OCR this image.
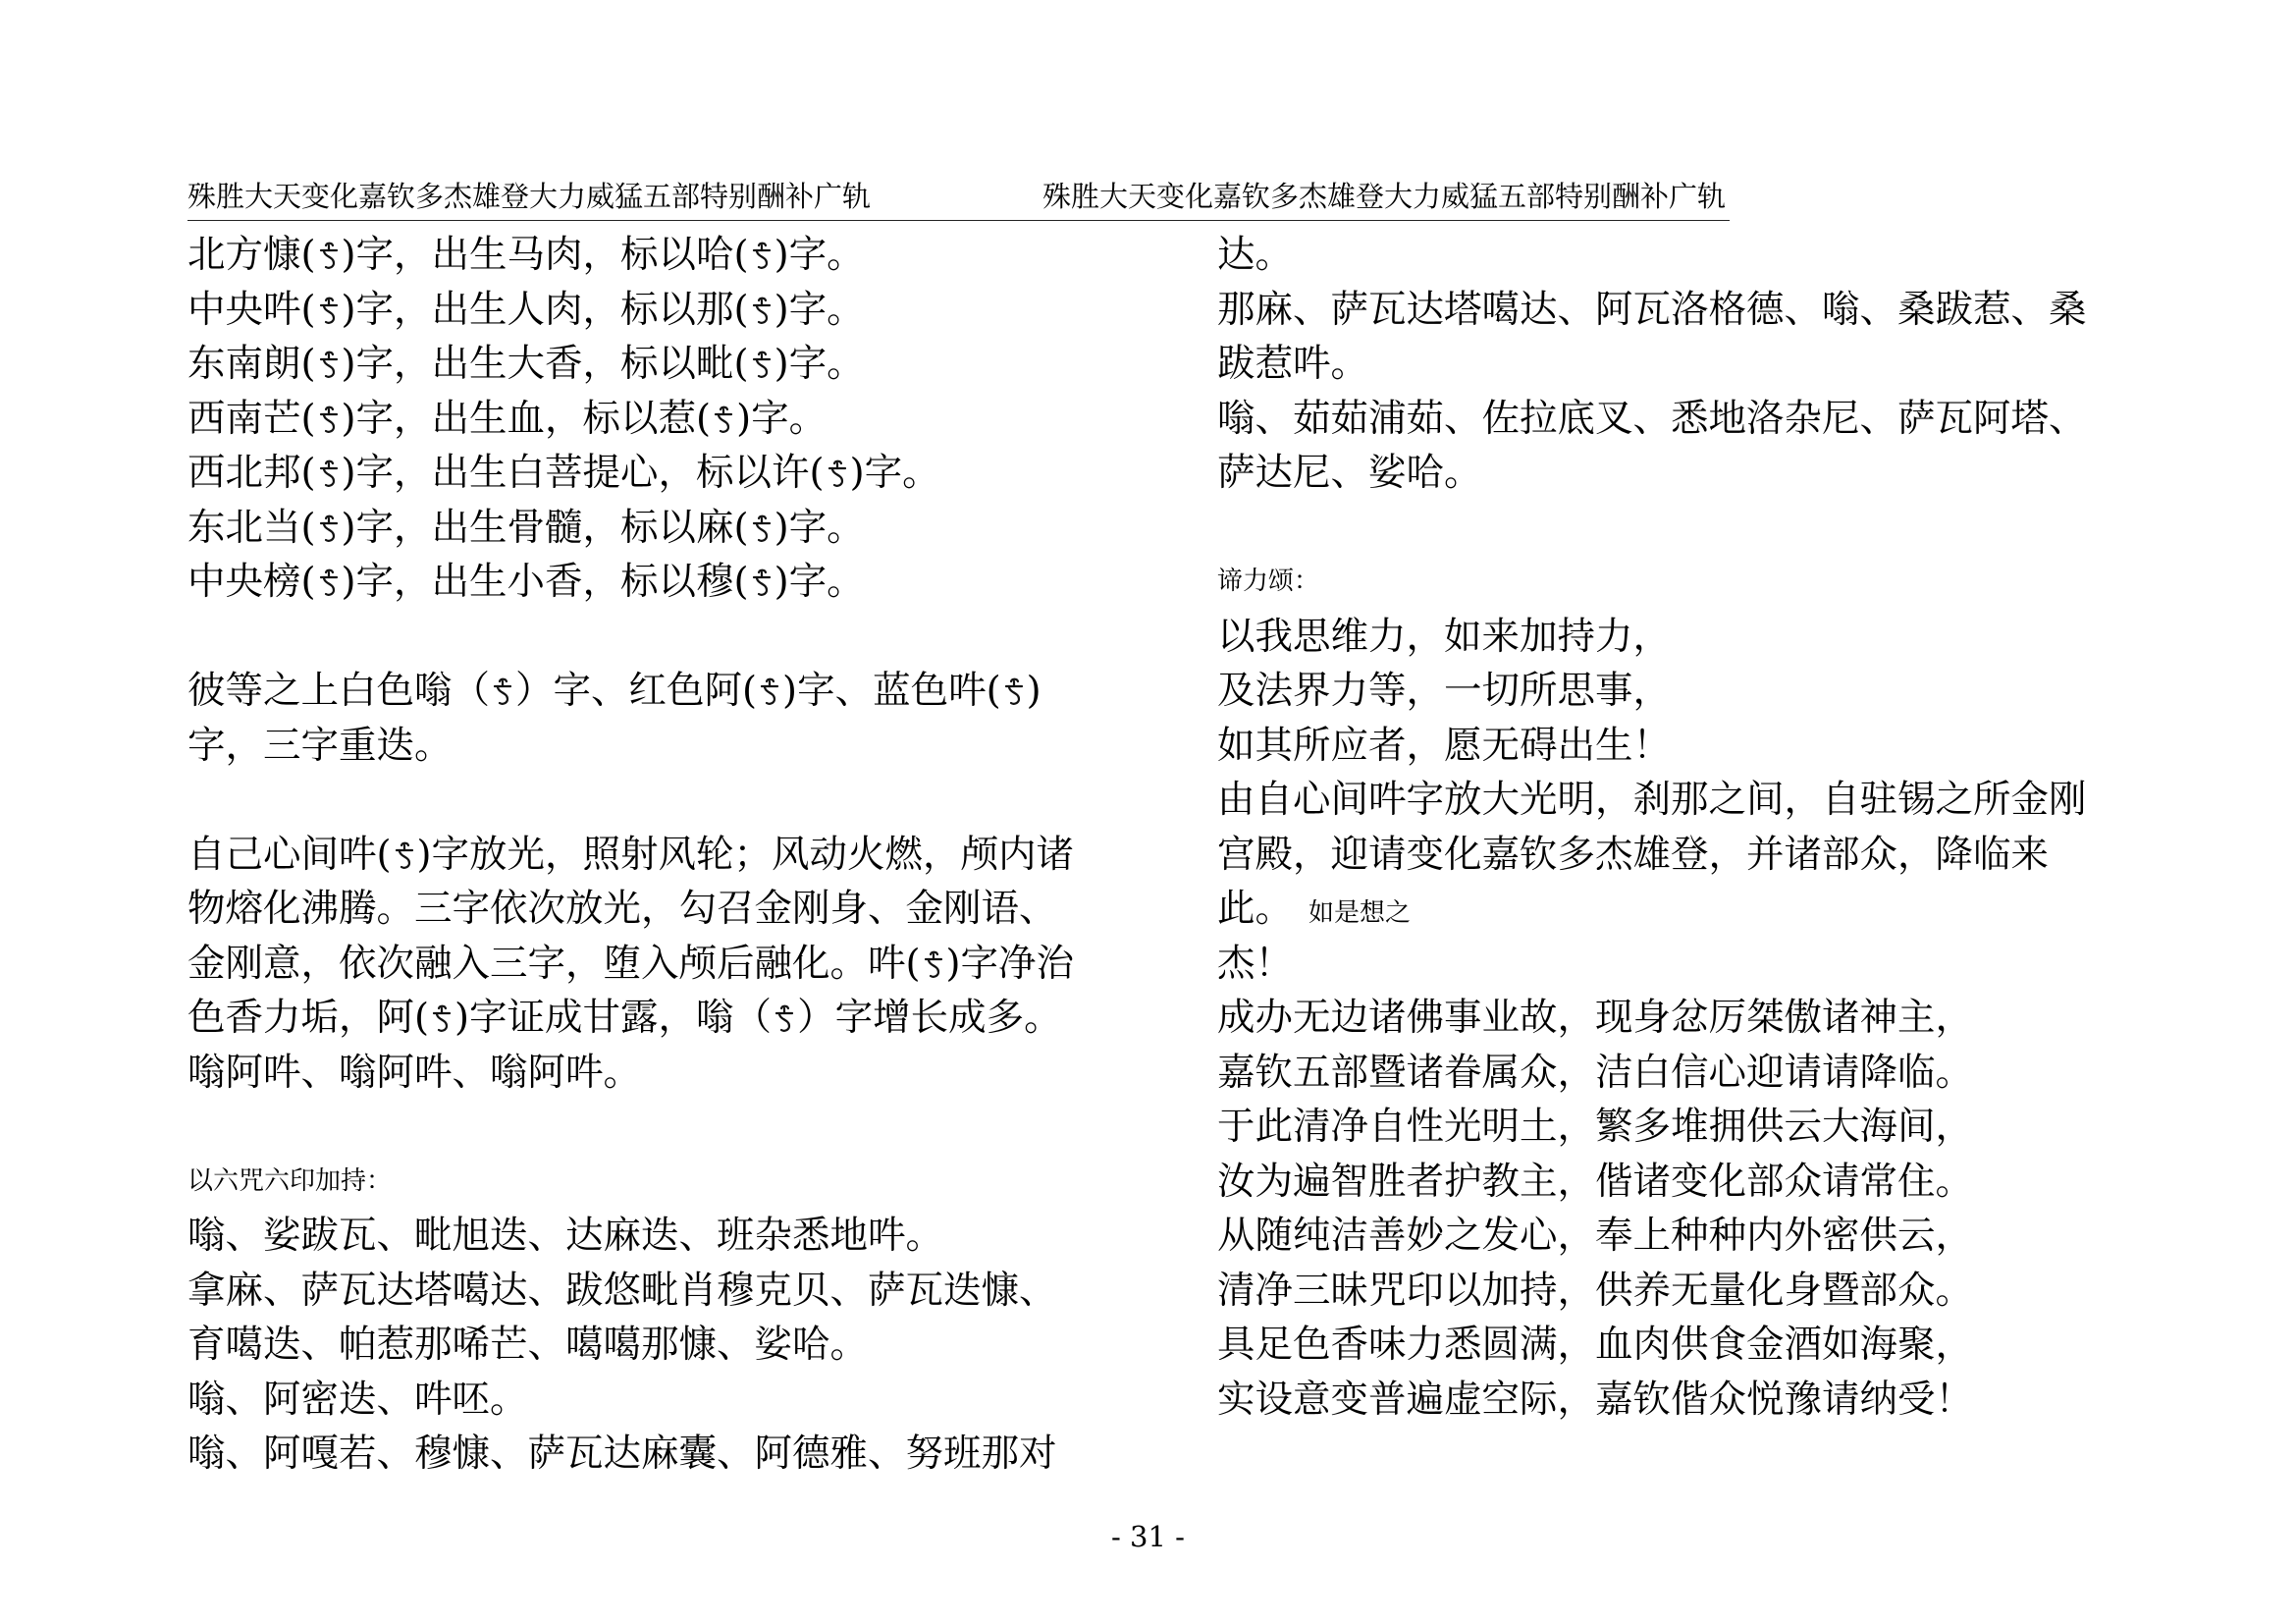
殊胜大天变化嘉钦多杰雄登大力威猛五部特别酬补广轨	殊胜大天变化嘉钦多杰雄登大力威猛五部特别酬补广轨
北方慷( )字，出生马肉，标以哈( )字。
中央吽( )字，出生人肉，标以那( )字。
东南朗( )字，出生大香，标以毗( )字。
西南芒( )字，出生血，标以惹( )字。
西北邦( )字，出生白菩提心，标以许( )字。
东北当( )字，出生骨髓，标以麻( )字。
中央榜( )字，出生小香，标以穆( )字。
彼等之上白色嗡（ ）字、红色阿( )字、蓝色吽( )
字，三字重迭。
自己心间吽( )字放光，照射风轮；风动火燃，颅内诸
物熔化沸腾。三字依次放光，勾召金刚身、金刚语、
金刚意，依次融入三字，堕入颅后融化。吽( )字净治
色香力垢，阿( )字证成甘露，嗡（ ）字增长成多。
嗡阿吽、嗡阿吽、嗡阿吽。
以六咒六印加持：
嗡、娑跋瓦、毗旭迭、达麻迭、班杂悉地吽。
拿麻、萨瓦达塔噶达、跋悠毗肖穆克贝、萨瓦迭慷、
育噶迭、帕惹那唏芒、噶噶那慷、娑哈。
嗡、阿密迭、吽呸。
嗡、阿嘎若、穆慷、萨瓦达麻囊、阿德雅、努班那对
达。
那麻、萨瓦达塔噶达、阿瓦洛格德、嗡、桑跋惹、桑
跋惹吽。
嗡、茹茹浦茹、佐拉底叉、悉地洛杂尼、萨瓦阿塔、
萨达尼、娑哈。
谛力颂：
以我思维力，如来加持力，
及法界力等，一切所思事，
如其所应者，愿无碍出生！
由自心间吽字放大光明，刹那之间，自驻锡之所金刚
宫殿，迎请变化嘉钦多杰雄登，并诸部众，降临来
此。 如是想之
杰！
成办无边诸佛事业故，现身忿厉桀傲诸神主，
嘉钦五部暨诸眷属众，洁白信心迎请请降临。
于此清净自性光明土，繁多堆拥供云大海间，
汝为遍智胜者护教主，偕诸变化部众请常住。
从随纯洁善妙之发心，奉上种种内外密供云，
清净三昧咒印以加持，供养无量化身暨部众。
具足色香味力悉圆满，血肉供食金酒如海聚，
实设意变普遍虚空际，嘉钦偕众悦豫请纳受！
- 31 -
